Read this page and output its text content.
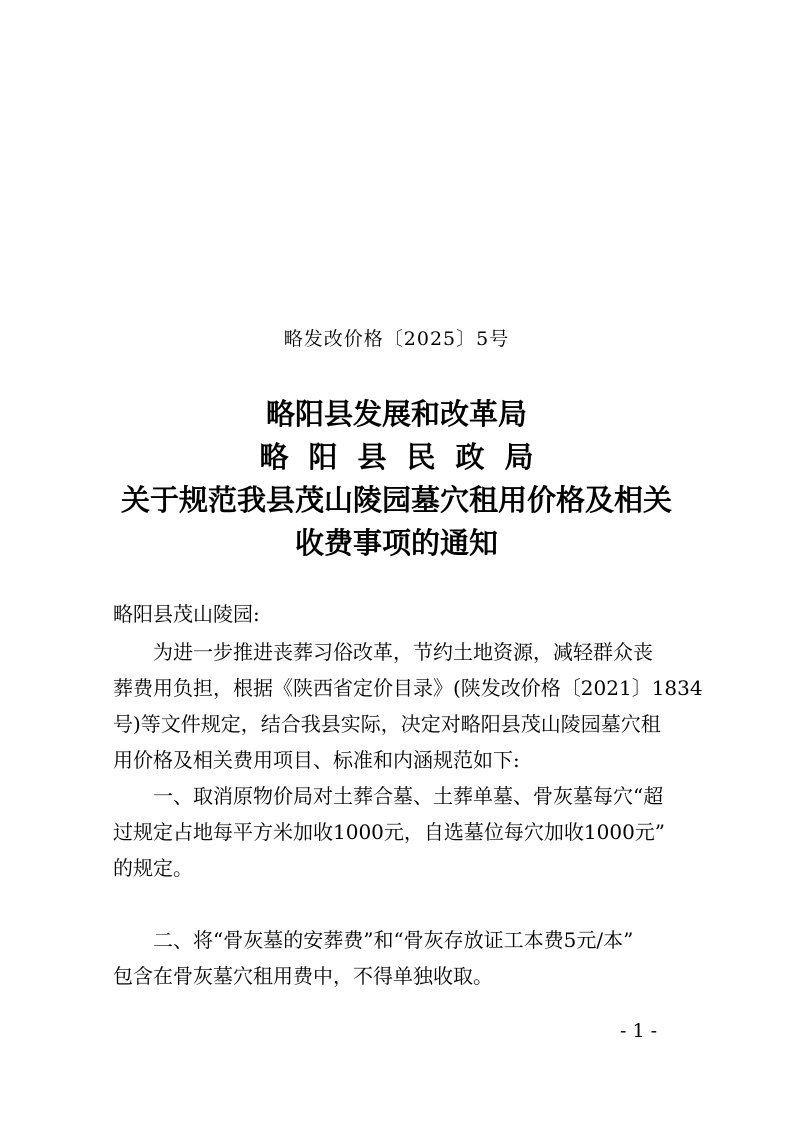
略发改价格〔2025〕5号
略阳县发展和改革局
略阳县民政局
关于规范我县茂山陵园墓穴租用价格及相关
收费事项的通知
略阳县茂山陵园:
为进一步推进丧葬习俗改革，节约土地资源，减轻群众丧
葬费用负担，根据《陕西省定价目录》(陕发改价格〔2021〕1834
号)等文件规定，结合我县实际，决定对略阳县茂山陵园墓穴租
用价格及相关费用项目、标准和内涵规范如下:
一、取消原物价局对土葬合墓、土葬单墓、骨灰墓每穴“超
过规定占地每平方米加收1000元，自选墓位每穴加收1000元”
的规定。
二、将“骨灰墓的安葬费”和“骨灰存放证工本费5元/本”
包含在骨灰墓穴租用费中，不得单独收取。
- 1 -
